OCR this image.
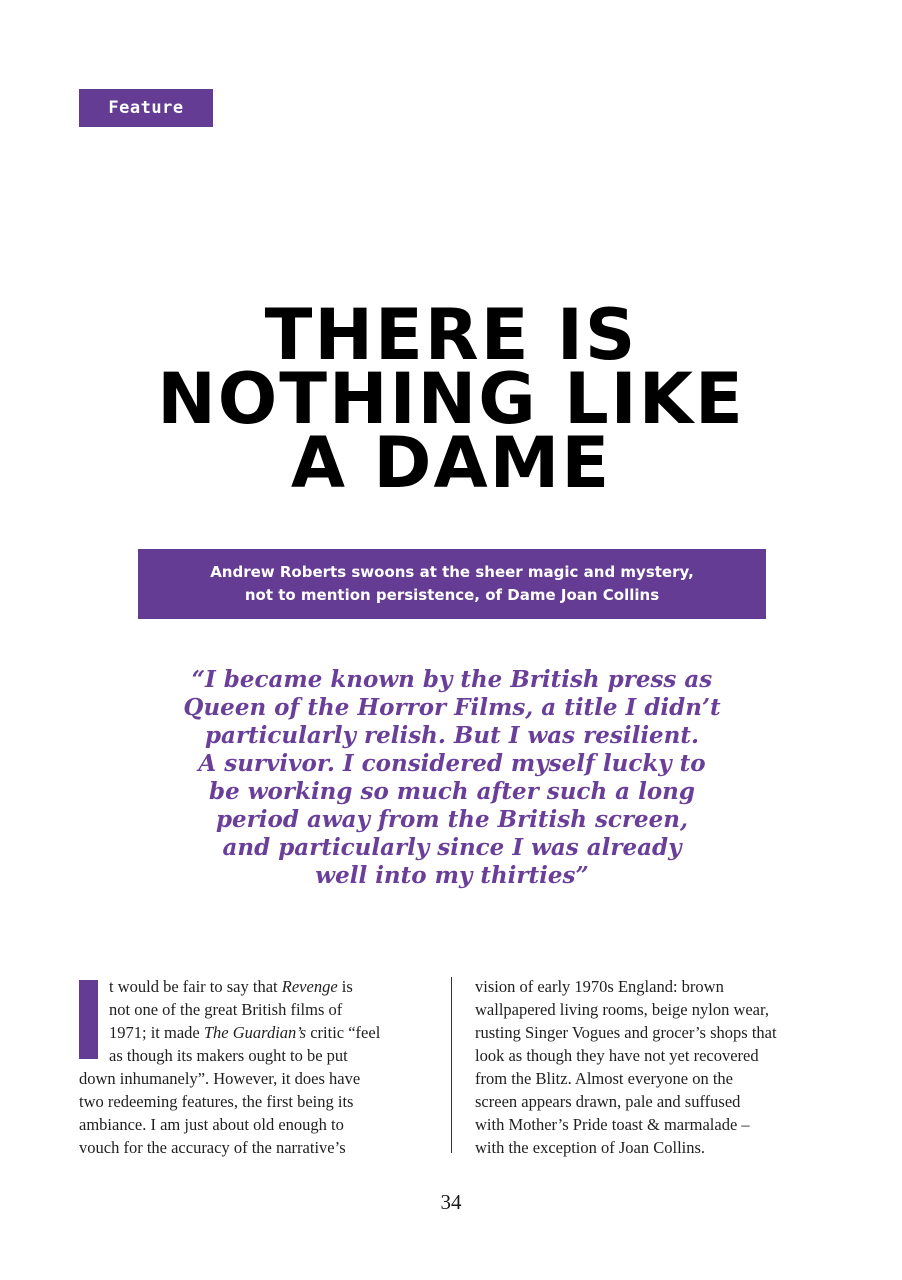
Feature
THERE IS
NOTHING LIKE
A DAME
Andrew Roberts swoons at the sheer magic and mystery,
not to mention persistence, of Dame Joan Collins
“I became known by the British press as
Queen of the Horror Films, a title I didn’t
particularly relish. But I was resilient.
A survivor. I considered myself lucky to
be working so much after such a long
period away from the British screen,
and particularly since I was already
well into my thirties”
t would be fair to say that Revenge is
not one of the great British films of
1971; it made The Guardian’s critic “feel
as though its makers ought to be put
down inhumanely”. However, it does have
two redeeming features, the first being its
ambiance. I am just about old enough to
vouch for the accuracy of the narrative’s
vision of early 1970s England: brown
wallpapered living rooms, beige nylon wear,
rusting Singer Vogues and grocer’s shops that
look as though they have not yet recovered
from the Blitz. Almost everyone on the
screen appears drawn, pale and suffused
with Mother’s Pride toast & marmalade –
with the exception of Joan Collins.
34
